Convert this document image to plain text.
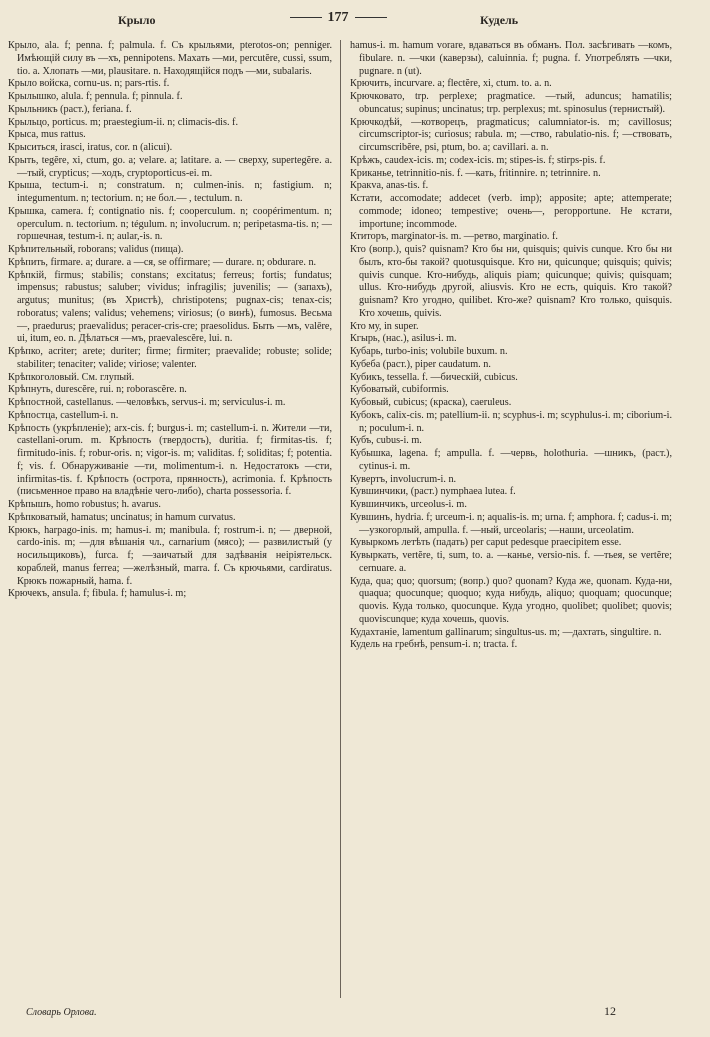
Крыло	177	Кудель

Крыло, ala. f; penna. f; palmula. f. Съ крыльями, pterotos-on; penniger. Имѣющій силу въ —хъ, pennipotens. Махать —ми, percutĕre, cussi, ssum, tio. a. Хлопать —ми, plausitare. n. Находящійся подъ —ми, subalaris.

Крыло войска, cornu-us. n; pars-rtis. f.

Крылышко, alula. f; pennula. f; pinnula. f.

Крыльникъ (раст.), feriana. f.

Крыльцо, porticus. m; praestegium-ii. n; climacis-dis. f.

Крыса, mus rattus.

Крыситься, irasci, iratus, cor. n (alicui).

Крыть, tegĕre, xi, ctum, go. a; velare. a; latitare. a. — сверху, supertegĕre. a. —тый, crypticus; —ходъ, cryptoporticus-ei. m.

Крыша, tectum-i. n; constratum. n; culmen-inis. n; fastigium. n; integumentum. n; tectorium. n; не бол.— , tectulum. n.

Крышка, camera. f; contignatio nis. f; cooperculum. n; coopérimentum. n; operculum. n. tectorium. n; tégulum. n; involucrum. n; peripetasma-tis. n; — горшечная, testum-i. n; aular,-is. n.

Крѣпительный, roborans; validus (пища).

Крѣпить, firmare. a; durare. a —ся, se offirmare; — durare. n; obdurare. n.

Крѣпкій, firmus; stabilis; constans; excitatus; ferreus; fortis; fundatus; impensus; rabustus; saluber; vividus; infragilis; juvenilis; — (запахъ), argutus; munitus; (въ Христѣ), christipotens; pugnax-cis; tenax-cis; roboratus; valens; validus; vehemens; viriosus; (о винѣ), fumosus. Весьма—, praedurus; praevalidus; peracer-cris-cre; praesolidus. Быть —мъ, valēre, ui, itum, eo. n. Дѣлаться —мъ, praevalescĕre, lui. n.

Крѣпко, acriter; arete; duriter; firme; firmiter; praevalide; robuste; solide; stabiliter; tenaciter; valide; viriose; valenter.

Крѣпкоголовый. См. глупый.

Крѣпнуть, durescĕre, rui. n; roborascĕre. n.

Крѣпостной, castellanus. —человѣкъ, servus-i. m; serviculus-i. m.

Крѣпостца, castellum-i. n.

Крѣпость (укрѣпленіе); arx-cis. f; burgus-i. m; castellum-i. n. Жители —ти, castellani-orum. m. Крѣпость (твердость), duritia. f; firmitas-tis. f; firmitudo-inis. f; robur-oris. n; vigor-is. m; validitas. f; soliditas; f; potentia. f; vis. f. Обнаруживаніе —ти, molimentum-i. n. Недостатокъ —сти, infirmitas-tis. f. Крѣпость (острота, прянность), acrimonia. f. Крѣпость (письменное право на владѣніе чего-либо), charta possessoria. f.

Крѣпышъ, homo robustus; h. avarus.

Крѣпковатый, hamatus; uncinatus; in hamum curvatus.

Крюкъ, harpago-inis. m; hamus-i. m; manibula. f; rostrum-i. n; — дверной, cardo-inis. m; —для вѣшанія чл., carnarium (мясо); — развилистый (у носильщиковъ), furca. f; —заичатый для задѣванія неіріятельск. кораблей, manus ferrea; —желѣзный, marra. f. Съ крючьями, cardiratus. Крюкъ пожарный, hama. f.

Крючекъ, ansula. f; fibula. f; hamulus-i. m;

hamus-i. m. hamum vorare, вдаваться въ обманъ. Пол. засѣгивать —комъ, fibulare. n. —чки (каверзы), caluinnia. f; pugna. f. Употреблять —чки, pugnare. n (ut).

Крючить, incurvare. a; flectĕre, xi, ctum. to. a. n.

Крючковато, trp. perplexe; pragmatice. —тый, aduncus; hamatilis; obuncatus; supinus; uncinatus; trp. perplexus; mt. spinosulus (тернистый).

Крючкодѣй, —котворецъ, pragmaticus; calumniator-is. m; cavillosus; circumscriptor-is; curiosus; rabula. m; —ство, rabulatio-nis. f; —ствовать, circumscribĕre, psi, ptum, bo. a; cavillari. a. n.

Крѣжъ, caudex-icis. m; codex-icis. m; stipes-is. f; stirps-pis. f.

Криканье, tetrinnitio-nis. f. —кать, fritinnire. n; tetrinnire. n.

Кракva, anas-tis. f.

Кстати, accomodate; addecet (verb. imp); apposite; apte; attemperate; commode; idoneo; tempestive; очень—, peropportune. Не кстати, importune; incommode.

Ктиторъ, marginator-is. m. —ретво, marginatio. f.

Кто (вопр.), quis? quisnam? Кто бы ни, quisquis; quivis cunque. Кто бы ни былъ, кто-бы такой? quotusquisque. Кто ни, quicunque; quisquis; quivis; quivis cunque. Кто-нибудь, aliquis piam; quicunque; quivis; quisquam; ullus. Кто-нибудь другой, aliusvis. Кто не есть, quiquis. Кто такой? guisnam? Кто угодно, quilibet. Кто-же? quisnam? Кто только, quisquis. Кто хочешь, quivis.

Кто му, in super.

Кгырь, (нас.), asilus-i. m.

Кубарь, turbo-inis; volubile buxum. n.

Кубеба (раст.), piper caudatum. n.

Кубикъ, tessella. f. —бическій, cubicus.

Кубоватый, cubiformis.

Кубовый, cubicus; (краска), caeruleus.

Кубокъ, calix-cis. m; patellium-ii. n; scyphus-i. m; scyphulus-i. m; ciborium-i. n; poculum-i. n.

Кубъ, cubus-i. m.

Кубышка, lagena. f; ampulla. f. —червь, holothuria. —шникъ, (раст.), cytinus-i. m.

Кувертъ, involucrum-i. n.

Кувшинчики, (раст.) nymphaea lutea. f.

Кувшинчикъ, urceolus-i. m.

Кувшинъ, hydria. f; urceum-i. n; aqualis-is. m; urna. f; amphora. f; cadus-i. m; —узкогорлый, ampulla. f. —ный, urceolaris; —наши, urceolatim.

Кувыркомъ летѣть (падать) per caput pedesque praecipitem esse.

Кувыркать, vertĕre, ti, sum, to. a. —канье, versio-nis. f. —тьея, se vertĕre; cernuare. a.

Куда, qua; quo; quorsum; (вопр.) quo? quonam? Куда же, quonam. Куда-ни, quaqua; quocunque; quoquo; куда нибудь, aliquo; quoquam; quocunque; quovis. Куда только, quocunque. Куда угодно, quolibet; quolibet; quovis; quoviscunque; куда хочешь, quovis.

Кудахтаніе, lamentum gallinarum; singultus-us. m; —дахтать, singultire. n.

Кудель на гребнѣ, pensum-i. n; tracta. f.

Словарь Орлова.	12
